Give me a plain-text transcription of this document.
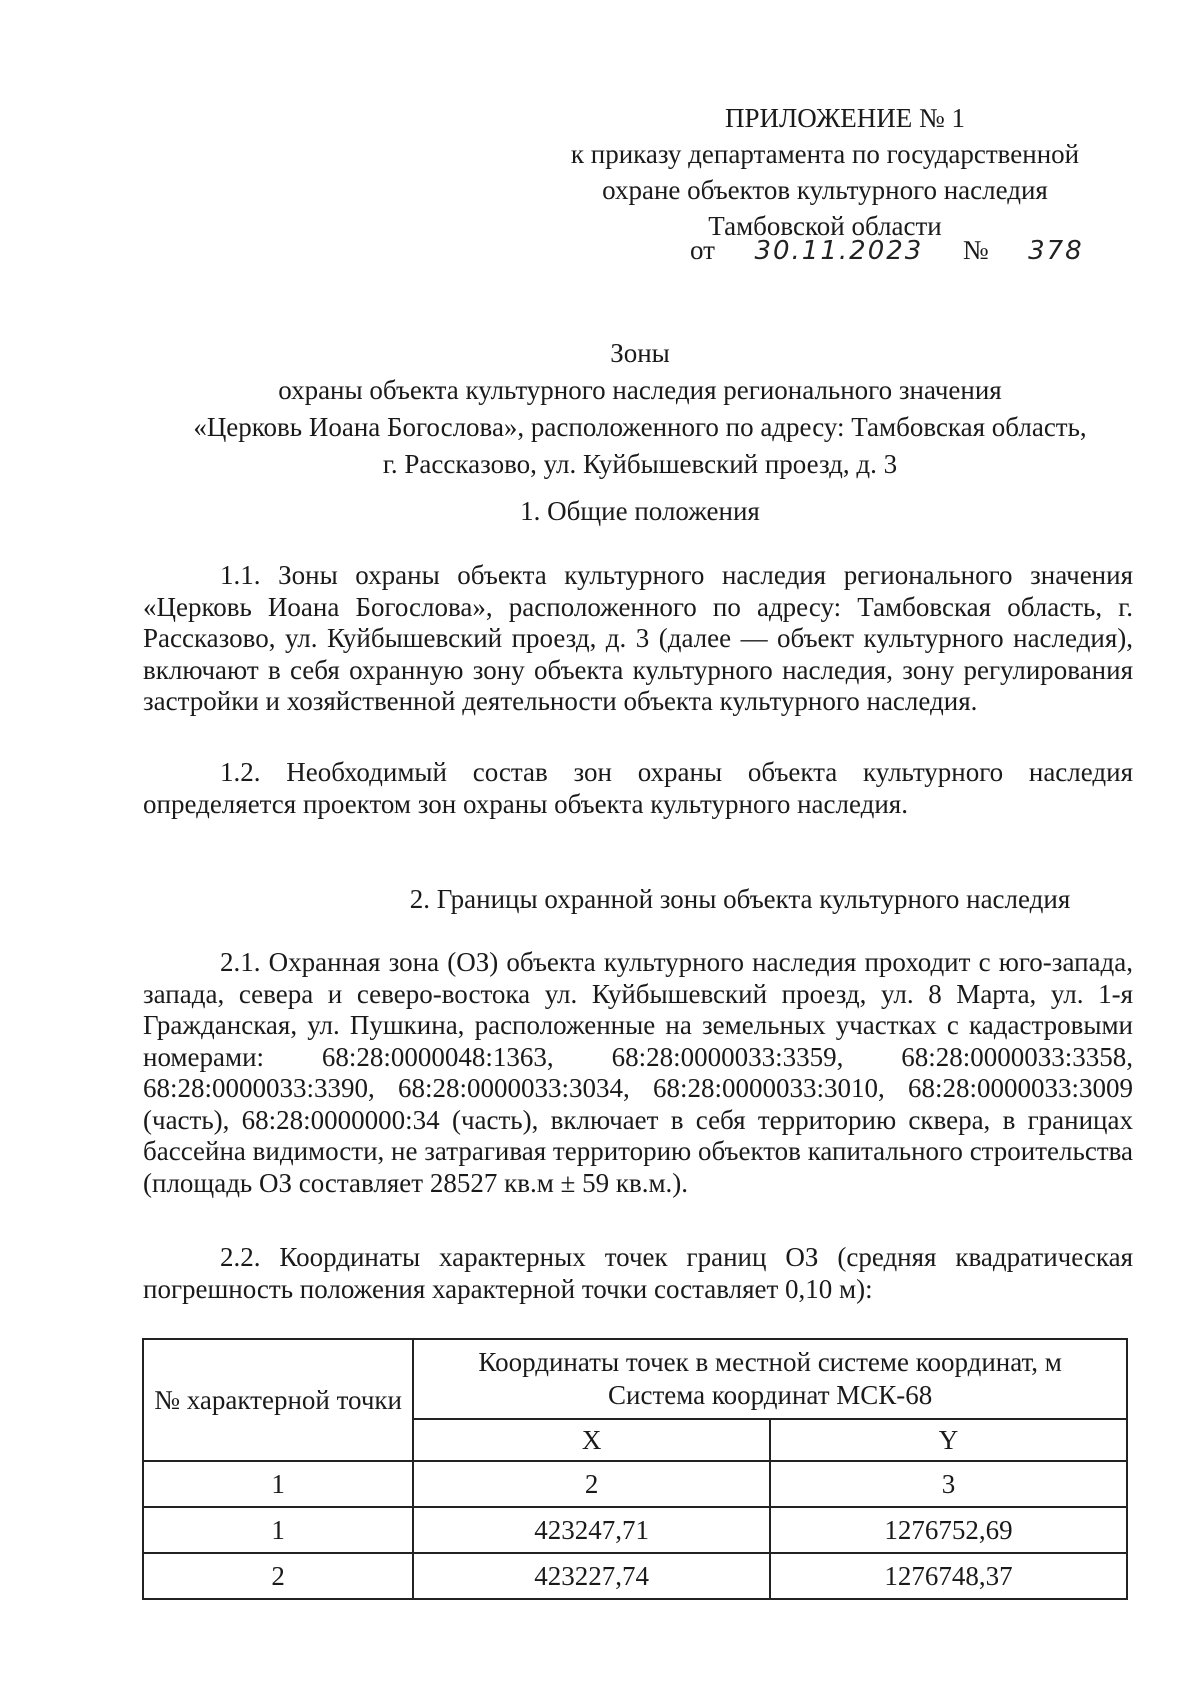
ПРИЛОЖЕНИЕ № 1
к приказу департамента по государственной
охране объектов культурного наследия
Тамбовской области
от 30.11.2023 № 378
Зоны
охраны объекта культурного наследия регионального значения
«Церковь Иоана Богослова», расположенного по адресу: Тамбовская область,
г. Рассказово, ул. Куйбышевский проезд, д. 3
1. Общие положения
1.1. Зоны охраны объекта культурного наследия регионального значения «Церковь Иоана Богослова», расположенного по адресу: Тамбовская область, г. Рассказово, ул. Куйбышевский проезд, д. 3 (далее — объект культурного наследия), включают в себя охранную зону объекта культурного наследия, зону регулирования застройки и хозяйственной деятельности объекта культурного наследия.
1.2. Необходимый состав зон охраны объекта культурного наследия определяется проектом зон охраны объекта культурного наследия.
2. Границы охранной зоны объекта культурного наследия
2.1. Охранная зона (ОЗ) объекта культурного наследия проходит с юго-запада, запада, севера и северо-востока ул. Куйбышевский проезд, ул. 8 Марта, ул. 1-я Гражданская, ул. Пушкина, расположенные на земельных участках с кадастровыми номерами: 68:28:0000048:1363, 68:28:0000033:3359, 68:28:0000033:3358, 68:28:0000033:3390, 68:28:0000033:3034, 68:28:0000033:3010, 68:28:0000033:3009 (часть), 68:28:0000000:34 (часть), включает в себя территорию сквера, в границах бассейна видимости, не затрагивая территорию объектов капитального строительства (площадь ОЗ составляет 28527 кв.м ± 59 кв.м.).
2.2. Координаты характерных точек границ ОЗ (средняя квадратическая погрешность положения характерной точки составляет 0,10 м):
№ характерной точки	Координаты точек в местной системе координат, м
Система координат МСК-68	

	X	Y
1	2	3
1	423247,71	1276752,69
2	423227,74	1276748,37
